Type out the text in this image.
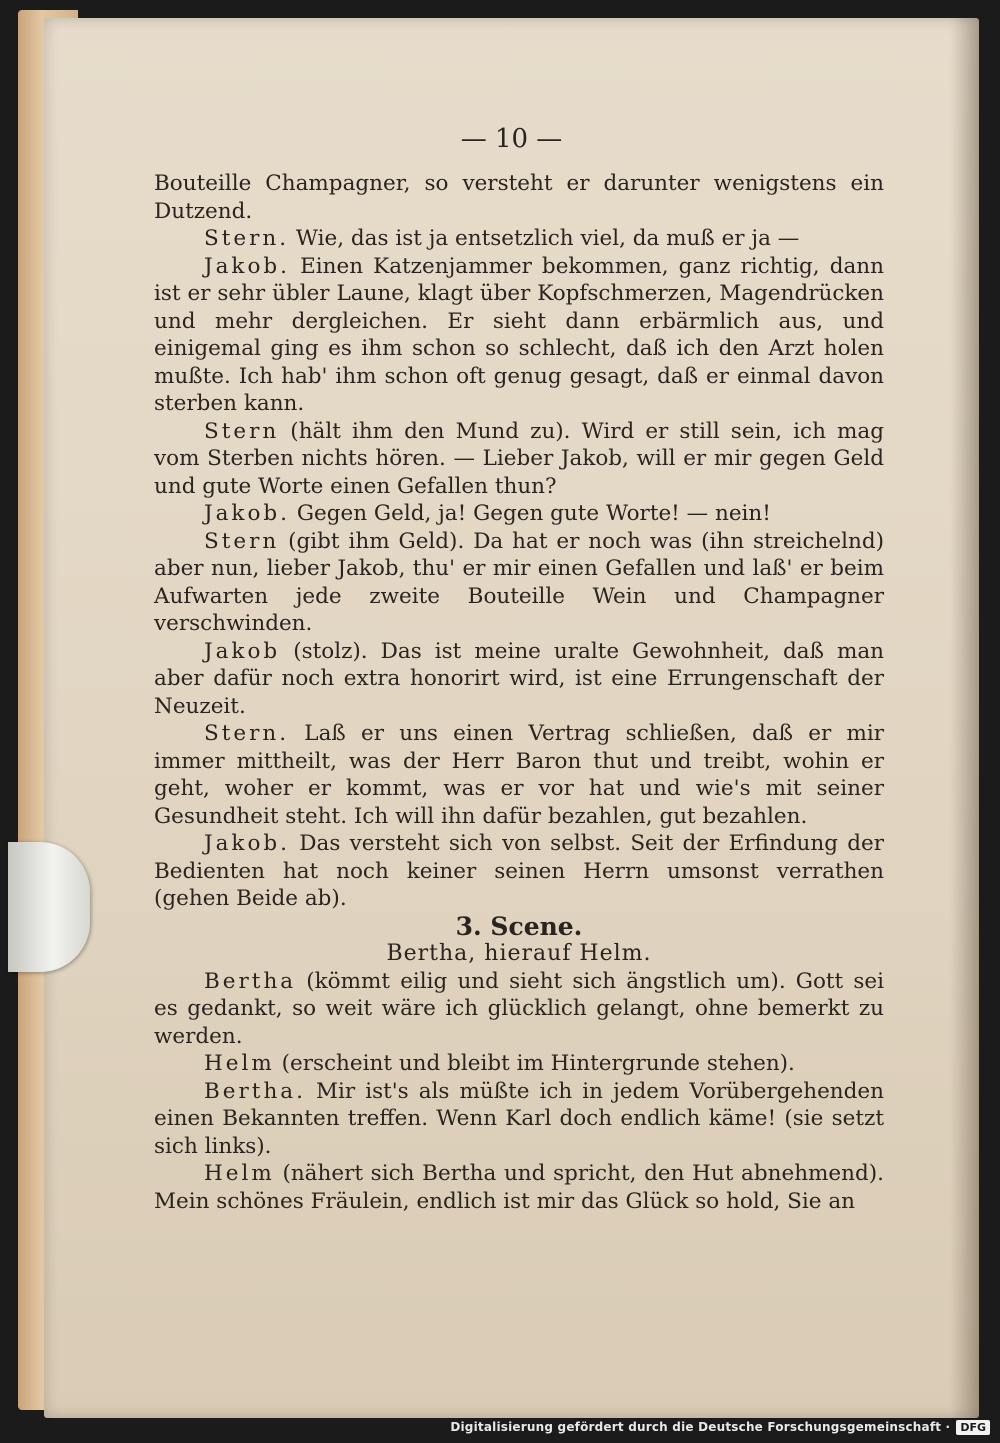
— 10 —

Bouteille Champagner, so versteht er darunter wenigstens ein Dutzend.

Stern. Wie, das ist ja entsetzlich viel, da muß er ja —

Jakob. Einen Katzenjammer bekommen, ganz richtig, dann ist er sehr übler Laune, klagt über Kopfschmerzen, Magendrücken und mehr dergleichen. Er sieht dann erbärmlich aus, und einigemal ging es ihm schon so schlecht, daß ich den Arzt holen mußte. Ich hab' ihm schon oft genug gesagt, daß er einmal davon sterben kann.

Stern (hält ihm den Mund zu). Wird er still sein, ich mag vom Sterben nichts hören. — Lieber Jakob, will er mir gegen Geld und gute Worte einen Gefallen thun?

Jakob. Gegen Geld, ja! Gegen gute Worte! — nein!

Stern (gibt ihm Geld). Da hat er noch was (ihn streichelnd) aber nun, lieber Jakob, thu' er mir einen Gefallen und laß' er beim Aufwarten jede zweite Bouteille Wein und Champagner verschwinden.

Jakob (stolz). Das ist meine uralte Gewohnheit, daß man aber dafür noch extra honorirt wird, ist eine Errungenschaft der Neuzeit.

Stern. Laß er uns einen Vertrag schließen, daß er mir immer mittheilt, was der Herr Baron thut und treibt, wohin er geht, woher er kommt, was er vor hat und wie's mit seiner Gesundheit steht. Ich will ihn dafür bezahlen, gut bezahlen.

Jakob. Das versteht sich von selbst. Seit der Erfindung der Bedienten hat noch keiner seinen Herrn umsonst verrathen (gehen Beide ab).

3. Scene.

Bertha, hierauf Helm.

Bertha (kömmt eilig und sieht sich ängstlich um). Gott sei es gedankt, so weit wäre ich glücklich gelangt, ohne bemerkt zu werden.

Helm (erscheint und bleibt im Hintergrunde stehen).

Bertha. Mir ist's als müßte ich in jedem Vorübergehenden einen Bekannten treffen. Wenn Karl doch endlich käme! (sie setzt sich links).

Helm (nähert sich Bertha und spricht, den Hut abnehmend). Mein schönes Fräulein, endlich ist mir das Glück so hold, Sie an

Digitalisierung gefördert durch die Deutsche Forschungsgemeinschaft · DFG
